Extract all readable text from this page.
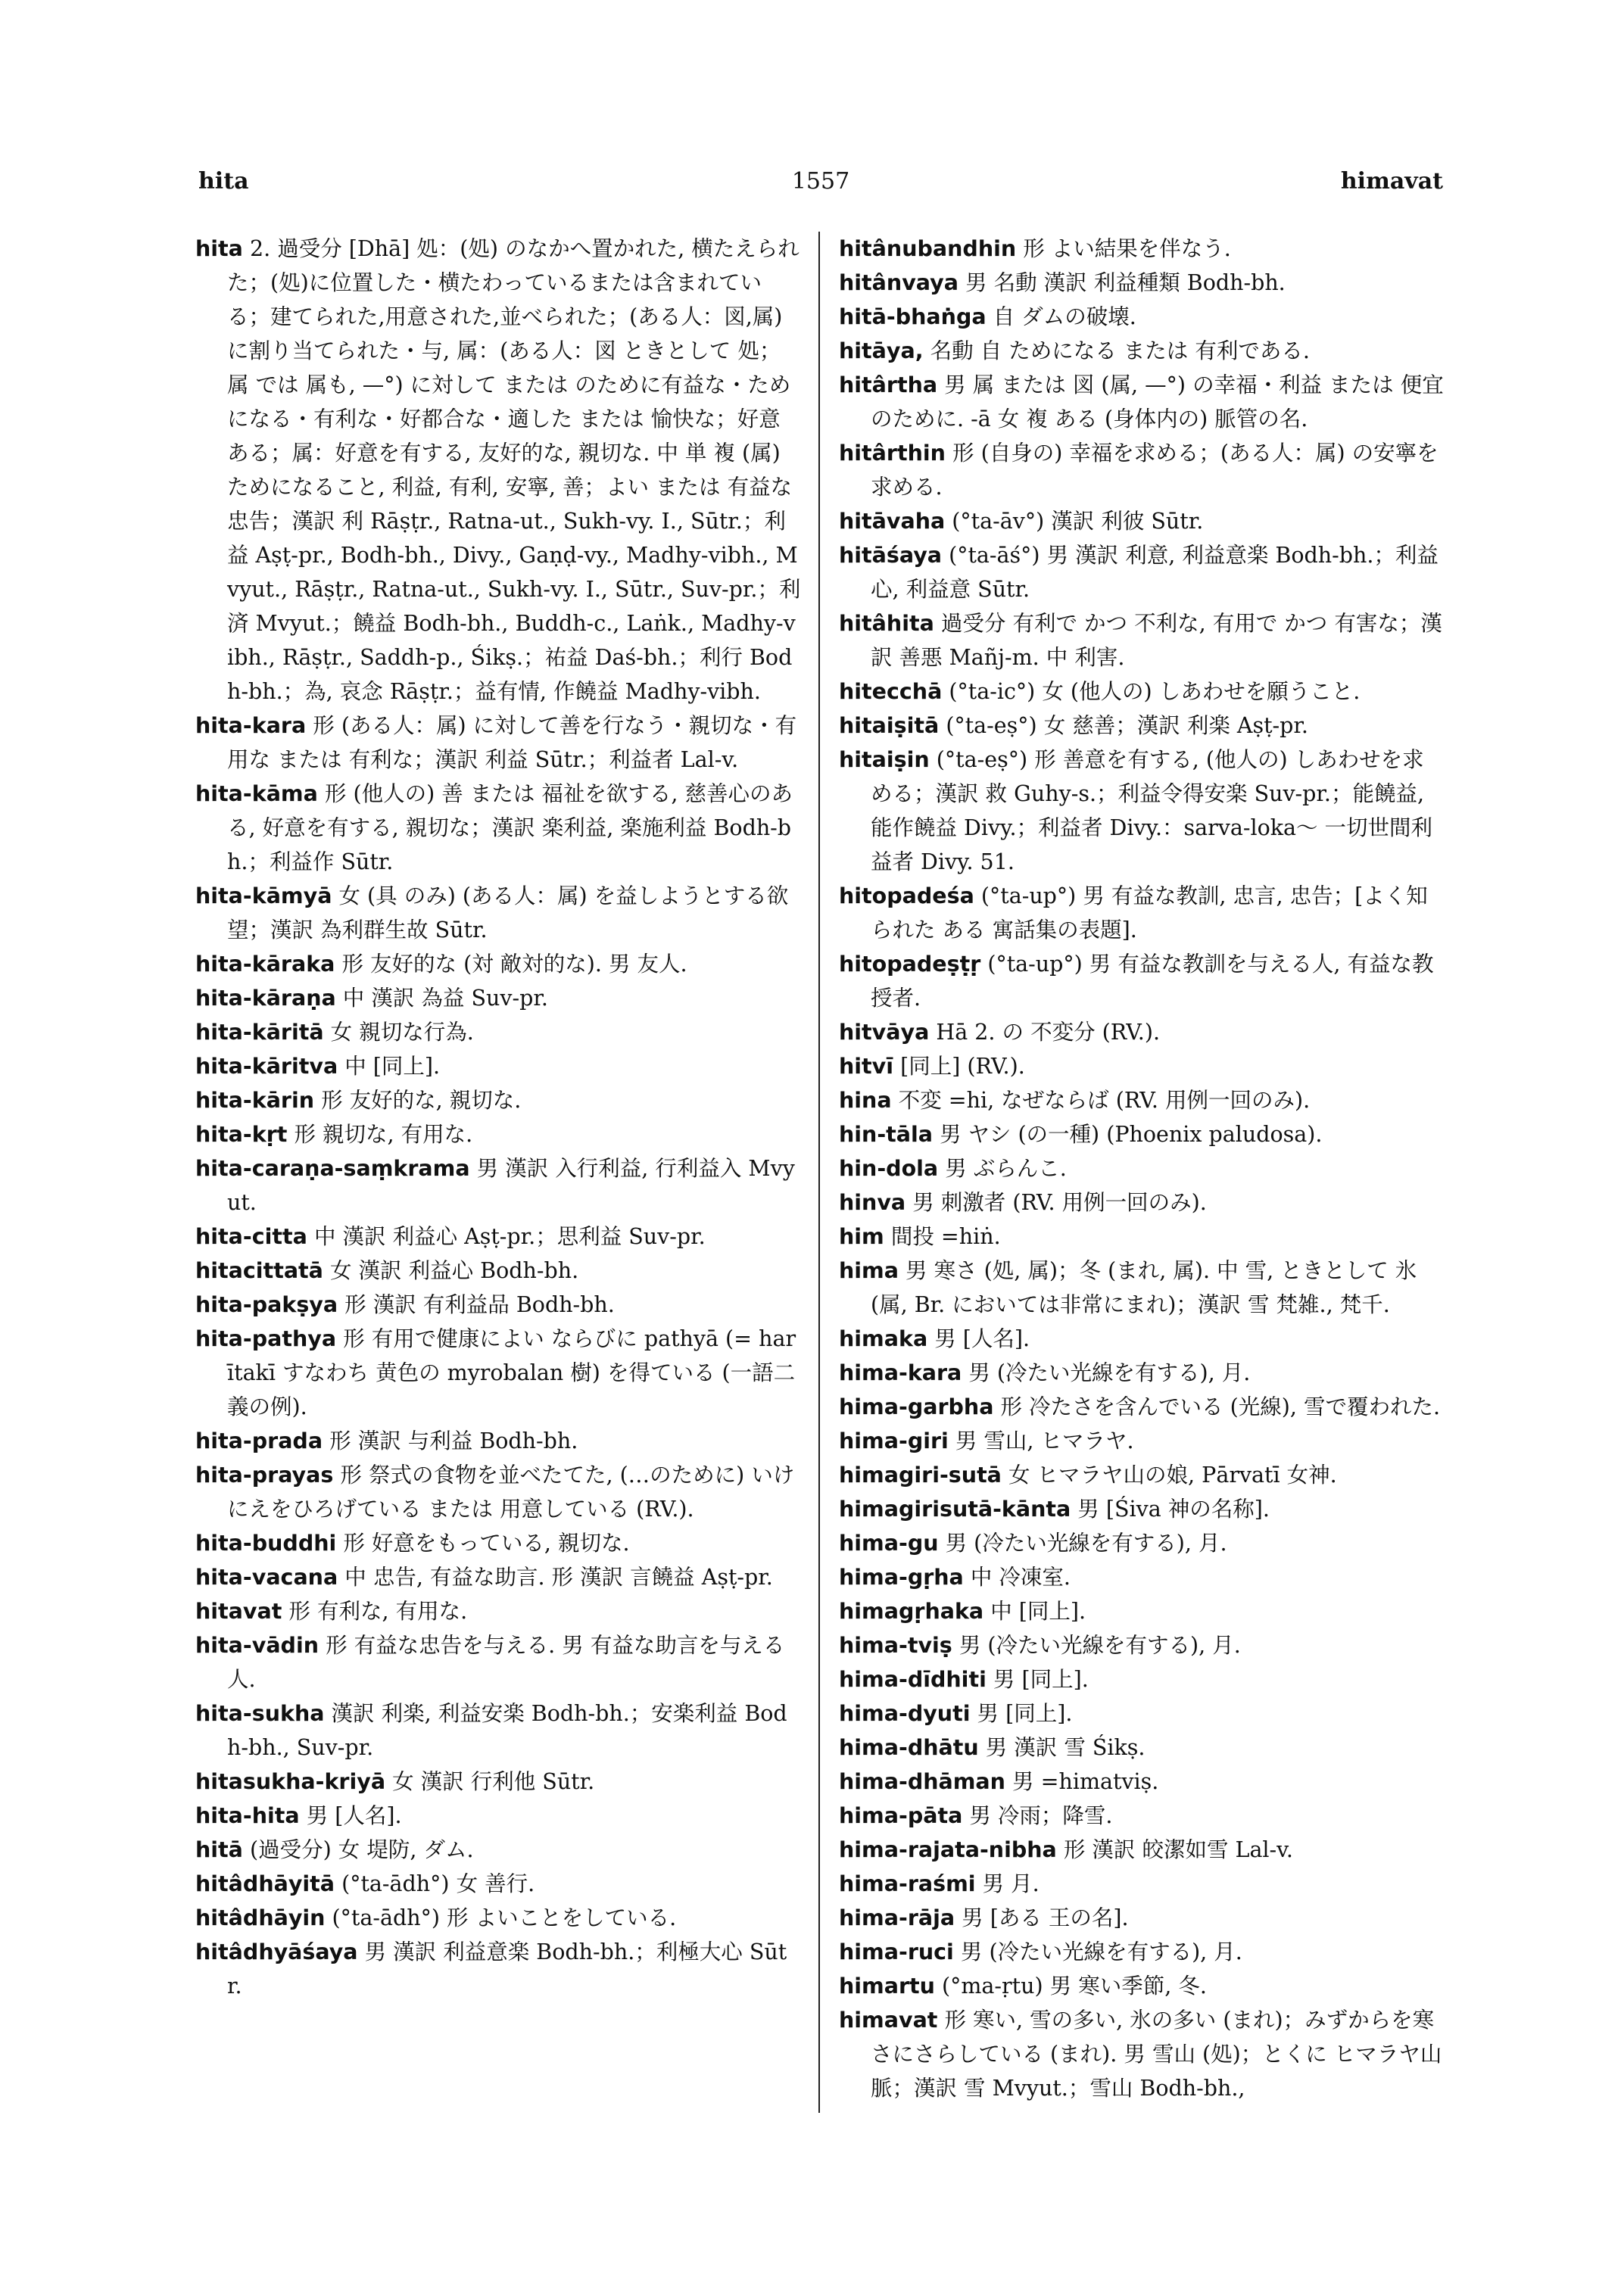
hita	1557	himavat

hita 2. 過受分 [Dhā] 処：(処) のなかへ置かれた, 横たえられた；(処)に位置した・横たわっているまたは含まれている；建てられた,用意された,並べられた；(ある人：図,属) に割り当てられた・与, 属：(ある人：図 ときとして 処；属 では 属も, —°) に対して または のために有益な・ためになる・有利な・好都合な・適した または 愉快な；好意ある；属：好意を有する, 友好的な, 親切な. 中 単 複 (属) ためになること, 利益, 有利, 安寧, 善；よい または 有益な忠告；漢訳 利 Rāṣṭr., Ratna-ut., Sukh-vy. I., Sūtr.；利益 Aṣṭ-pr., Bodh-bh., Divy., Gaṇḍ-vy., Madhy-vibh., Mvyut., Rāṣṭr., Ratna-ut., Sukh-vy. I., Sūtr., Suv-pr.；利済 Mvyut.；饒益 Bodh-bh., Buddh-c., Laṅk., Madhy-vibh., Rāṣṭr., Saddh-p., Śikṣ.；祐益 Daś-bh.；利行 Bodh-bh.；為, 哀念 Rāṣṭr.；益有情, 作饒益 Madhy-vibh.

hita-kara 形 (ある人：属) に対して善を行なう・親切な・有用な または 有利な；漢訳 利益 Sūtr.；利益者 Lal-v.

hita-kāma 形 (他人の) 善 または 福祉を欲する, 慈善心のある, 好意を有する, 親切な；漢訳 楽利益, 楽施利益 Bodh-bh.；利益作 Sūtr.

hita-kāmyā 女 (具 のみ) (ある人：属) を益しようとする欲望；漢訳 為利群生故 Sūtr.

hita-kāraka 形 友好的な (対 敵対的な). 男 友人.

hita-kāraṇa 中 漢訳 為益 Suv-pr.

hita-kāritā 女 親切な行為.

hita-kāritva 中 [同上].

hita-kārin 形 友好的な, 親切な.

hita-kṛt 形 親切な, 有用な.

hita-caraṇa-saṃkrama 男 漢訳 入行利益, 行利益入 Mvyut.

hita-citta 中 漢訳 利益心 Aṣṭ-pr.；思利益 Suv-pr.

hitacittatā 女 漢訳 利益心 Bodh-bh.

hita-pakṣya 形 漢訳 有利益品 Bodh-bh.

hita-pathya 形 有用で健康によい ならびに pathyā (= harītakī すなわち 黄色の myrobalan 樹) を得ている (一語二義の例).

hita-prada 形 漢訳 与利益 Bodh-bh.

hita-prayas 形 祭式の食物を並べたてた, (…のために) いけにえをひろげている または 用意している (RV.).

hita-buddhi 形 好意をもっている, 親切な.

hita-vacana 中 忠告, 有益な助言. 形 漢訳 言饒益 Aṣṭ-pr.

hitavat 形 有利な, 有用な.

hita-vādin 形 有益な忠告を与える. 男 有益な助言を与える人.

hita-sukha 漢訳 利楽, 利益安楽 Bodh-bh.；安楽利益 Bodh-bh., Suv-pr.

hitasukha-kriyā 女 漢訳 行利他 Sūtr.

hita-hita 男 [人名].

hitā (過受分) 女 堤防, ダム.

hitâdhāyitā (°ta-ādh°) 女 善行.

hitâdhāyin (°ta-ādh°) 形 よいことをしている.

hitâdhyāśaya 男 漢訳 利益意楽 Bodh-bh.；利極大心 Sūtr.

hitânubandhin 形 よい結果を伴なう.

hitânvaya 男 名動 漢訳 利益種類 Bodh-bh.

hitā-bhaṅga 自 ダムの破壊.

hitāya, 名動 自 ためになる または 有利である.

hitârtha 男 属 または 図 (属, —°) の幸福・利益 または 便宜のために. -ā 女 複 ある (身体内の) 脈管の名.

hitârthin 形 (自身の) 幸福を求める；(ある人：属) の安寧を求める.

hitāvaha (°ta-āv°) 漢訳 利彼 Sūtr.

hitāśaya (°ta-āś°) 男 漢訳 利意, 利益意楽 Bodh-bh.；利益心, 利益意 Sūtr.

hitâhita 過受分 有利で かつ 不利な, 有用で かつ 有害な；漢訳 善悪 Mañj-m. 中 利害.

hitecchā (°ta-ic°) 女 (他人の) しあわせを願うこと.

hitaiṣitā (°ta-eṣ°) 女 慈善；漢訳 利楽 Aṣṭ-pr.

hitaiṣin (°ta-eṣ°) 形 善意を有する, (他人の) しあわせを求める；漢訳 救 Guhy-s.；利益令得安楽 Suv-pr.；能饒益, 能作饒益 Divy.；利益者 Divy.：sarva-loka～ 一切世間利益者 Divy. 51.

hitopadeśa (°ta-up°) 男 有益な教訓, 忠言, 忠告；[よく知られた ある 寓話集の表題].

hitopadeṣṭṛ (°ta-up°) 男 有益な教訓を与える人, 有益な教授者.

hitvāya Hā 2. の 不変分 (RV.).

hitvī [同上] (RV.).

hina 不変 =hi, なぜならば (RV. 用例一回のみ).

hin-tāla 男 ヤシ (の一種) (Phoenix paludosa).

hin-dola 男 ぶらんこ.

hinva 男 刺激者 (RV. 用例一回のみ).

him 間投 =hiṅ.

hima 男 寒さ (処, 属)；冬 (まれ, 属). 中 雪, ときとして 氷 (属, Br. においては非常にまれ)；漢訳 雪 梵雑., 梵千.

himaka 男 [人名].

hima-kara 男 (冷たい光線を有する), 月.

hima-garbha 形 冷たさを含んでいる (光線), 雪で覆われた.

hima-giri 男 雪山, ヒマラヤ.

himagiri-sutā 女 ヒマラヤ山の娘, Pārvatī 女神.

himagirisutā-kānta 男 [Śiva 神の名称].

hima-gu 男 (冷たい光線を有する), 月.

hima-gṛha 中 冷凍室.

himagṛhaka 中 [同上].

hima-tviṣ 男 (冷たい光線を有する), 月.

hima-dīdhiti 男 [同上].

hima-dyuti 男 [同上].

hima-dhātu 男 漢訳 雪 Śikṣ.

hima-dhāman 男 =himatviṣ.

hima-pāta 男 冷雨；降雪.

hima-rajata-nibha 形 漢訳 皎潔如雪 Lal-v.

hima-raśmi 男 月.

hima-rāja 男 [ある 王の名].

hima-ruci 男 (冷たい光線を有する), 月.

himartu (°ma-ṛtu) 男 寒い季節, 冬.

himavat 形 寒い, 雪の多い, 氷の多い (まれ)；みずからを寒さにさらしている (まれ). 男 雪山 (処)；とくに ヒマラヤ山脈；漢訳 雪 Mvyut.；雪山 Bodh-bh.,
